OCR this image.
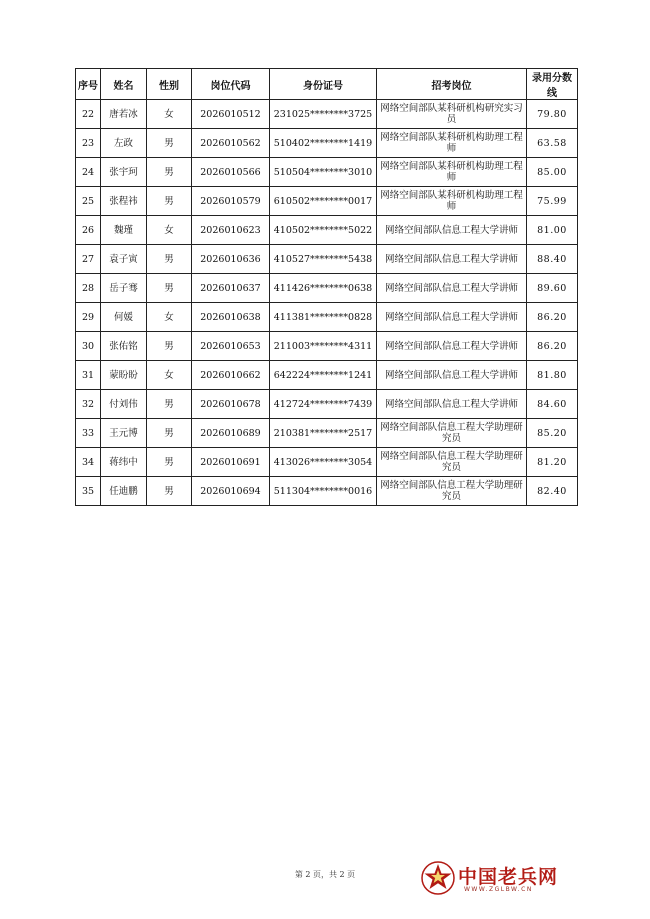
序号	姓名	性别	岗位代码	身份证号	招考岗位	录用分数线
22	唐若冰	女	2026010512	231025********3725	网络空间部队某科研机构研究实习员	79.80
23	左政	男	2026010562	510402********1419	网络空间部队某科研机构助理工程师	63.58
24	张宇珂	男	2026010566	510504********3010	网络空间部队某科研机构助理工程师	85.00
25	张程祎	男	2026010579	610502********0017	网络空间部队某科研机构助理工程师	75.99
26	魏瑾	女	2026010623	410502********5022	网络空间部队信息工程大学讲师	81.00
27	袁子寅	男	2026010636	410527********5438	网络空间部队信息工程大学讲师	88.40
28	岳子骞	男	2026010637	411426********0638	网络空间部队信息工程大学讲师	89.60
29	何媛	女	2026010638	411381********0828	网络空间部队信息工程大学讲师	86.20
30	张佑铭	男	2026010653	211003********4311	网络空间部队信息工程大学讲师	86.20
31	蒙盼盼	女	2026010662	642224********1241	网络空间部队信息工程大学讲师	81.80
32	付刘伟	男	2026010678	412724********7439	网络空间部队信息工程大学讲师	84.60
33	王元博	男	2026010689	210381********2517	网络空间部队信息工程大学助理研究员	85.20
34	蒋纬中	男	2026010691	413026********3054	网络空间部队信息工程大学助理研究员	81.20
35	任迪鹏	男	2026010694	511304********0016	网络空间部队信息工程大学助理研究员	82.40
第 2 页，共 2 页	中国老兵网
WWW.ZGLBW.CN
